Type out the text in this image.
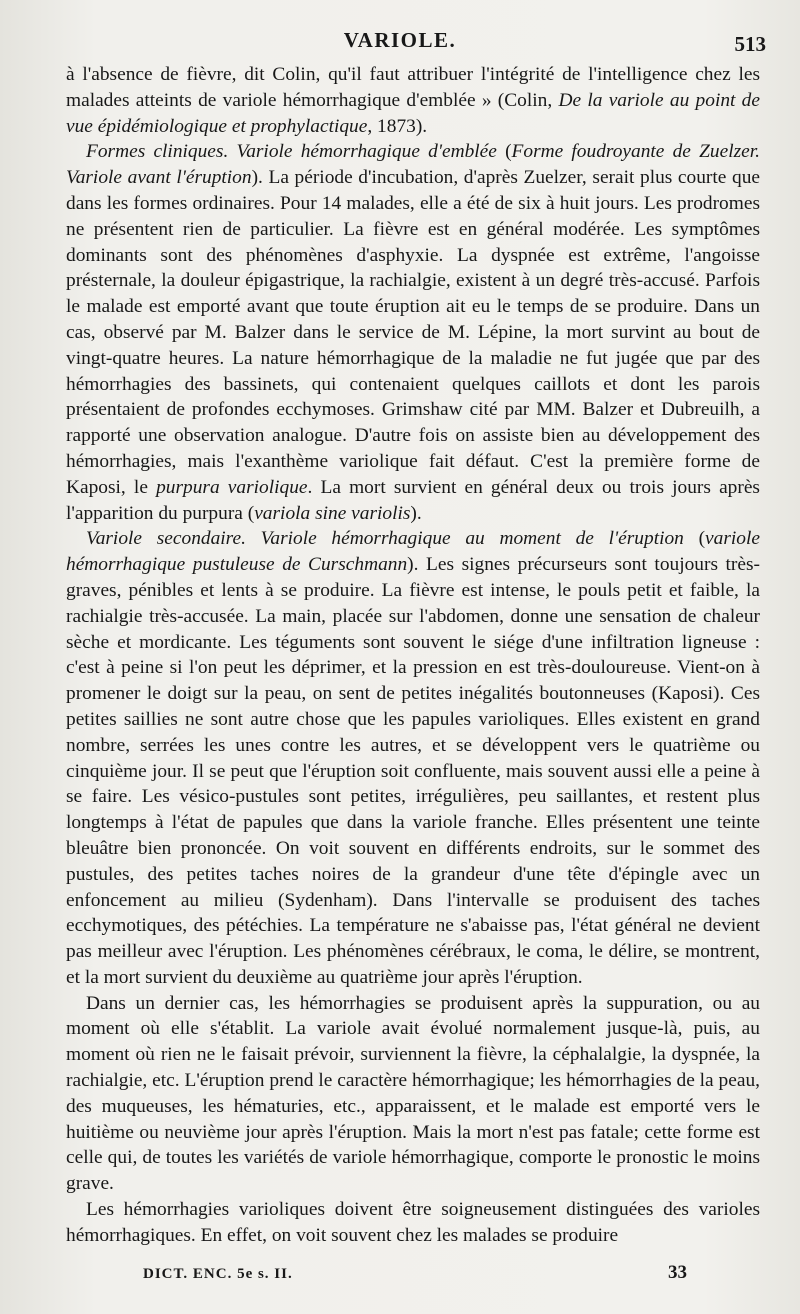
VARIOLE.	513

à l'absence de fièvre, dit Colin, qu'il faut attribuer l'intégrité de l'intelligence chez les malades atteints de variole hémorrhagique d'emblée » (Colin, De la variole au point de vue épidémiologique et prophylactique, 1873).

Formes cliniques. Variole hémorrhagique d'emblée (Forme foudroyante de Zuelzer. Variole avant l'éruption). La période d'incubation, d'après Zuelzer, serait plus courte que dans les formes ordinaires. Pour 14 malades, elle a été de six à huit jours. Les prodromes ne présentent rien de particulier. La fièvre est en général modérée. Les symptômes dominants sont des phénomènes d'asphyxie. La dyspnée est extrême, l'angoisse présternale, la douleur épigastrique, la rachialgie, existent à un degré très-accusé. Parfois le malade est emporté avant que toute éruption ait eu le temps de se produire. Dans un cas, observé par M. Balzer dans le service de M. Lépine, la mort survint au bout de vingt-quatre heures. La nature hémorrhagique de la maladie ne fut jugée que par des hémorrhagies des bassinets, qui contenaient quelques caillots et dont les parois présentaient de profondes ecchymoses. Grimshaw cité par MM. Balzer et Dubreuilh, a rapporté une observation analogue. D'autre fois on assiste bien au développement des hémorrhagies, mais l'exanthème variolique fait défaut. C'est la première forme de Kaposi, le purpura variolique. La mort survient en général deux ou trois jours après l'apparition du purpura (variola sine variolis).

Variole secondaire. Variole hémorrhagique au moment de l'éruption (variole hémorrhagique pustuleuse de Curschmann). Les signes précurseurs sont toujours très-graves, pénibles et lents à se produire. La fièvre est intense, le pouls petit et faible, la rachialgie très-accusée. La main, placée sur l'abdomen, donne une sensation de chaleur sèche et mordicante. Les téguments sont souvent le siége d'une infiltration ligneuse : c'est à peine si l'on peut les déprimer, et la pression en est très-douloureuse. Vient-on à promener le doigt sur la peau, on sent de petites inégalités boutonneuses (Kaposi). Ces petites saillies ne sont autre chose que les papules varioliques. Elles existent en grand nombre, serrées les unes contre les autres, et se développent vers le quatrième ou cinquième jour. Il se peut que l'éruption soit confluente, mais souvent aussi elle a peine à se faire. Les vésico-pustules sont petites, irrégulières, peu saillantes, et restent plus longtemps à l'état de papules que dans la variole franche. Elles présentent une teinte bleuâtre bien prononcée. On voit souvent en différents endroits, sur le sommet des pustules, des petites taches noires de la grandeur d'une tête d'épingle avec un enfoncement au milieu (Sydenham). Dans l'intervalle se produisent des taches ecchymotiques, des pétéchies. La température ne s'abaisse pas, l'état général ne devient pas meilleur avec l'éruption. Les phénomènes cérébraux, le coma, le délire, se montrent, et la mort survient du deuxième au quatrième jour après l'éruption.

Dans un dernier cas, les hémorrhagies se produisent après la suppuration, ou au moment où elle s'établit. La variole avait évolué normalement jusque-là, puis, au moment où rien ne le faisait prévoir, surviennent la fièvre, la céphalalgie, la dyspnée, la rachialgie, etc. L'éruption prend le caractère hémorrhagique; les hémorrhagies de la peau, des muqueuses, les hématuries, etc., apparaissent, et le malade est emporté vers le huitième ou neuvième jour après l'éruption. Mais la mort n'est pas fatale; cette forme est celle qui, de toutes les variétés de variole hémorrhagique, comporte le pronostic le moins grave.

Les hémorrhagies varioliques doivent être soigneusement distinguées des varioles hémorrhagiques. En effet, on voit souvent chez les malades se produire

DICT. ENC. 5e s. II.	33
